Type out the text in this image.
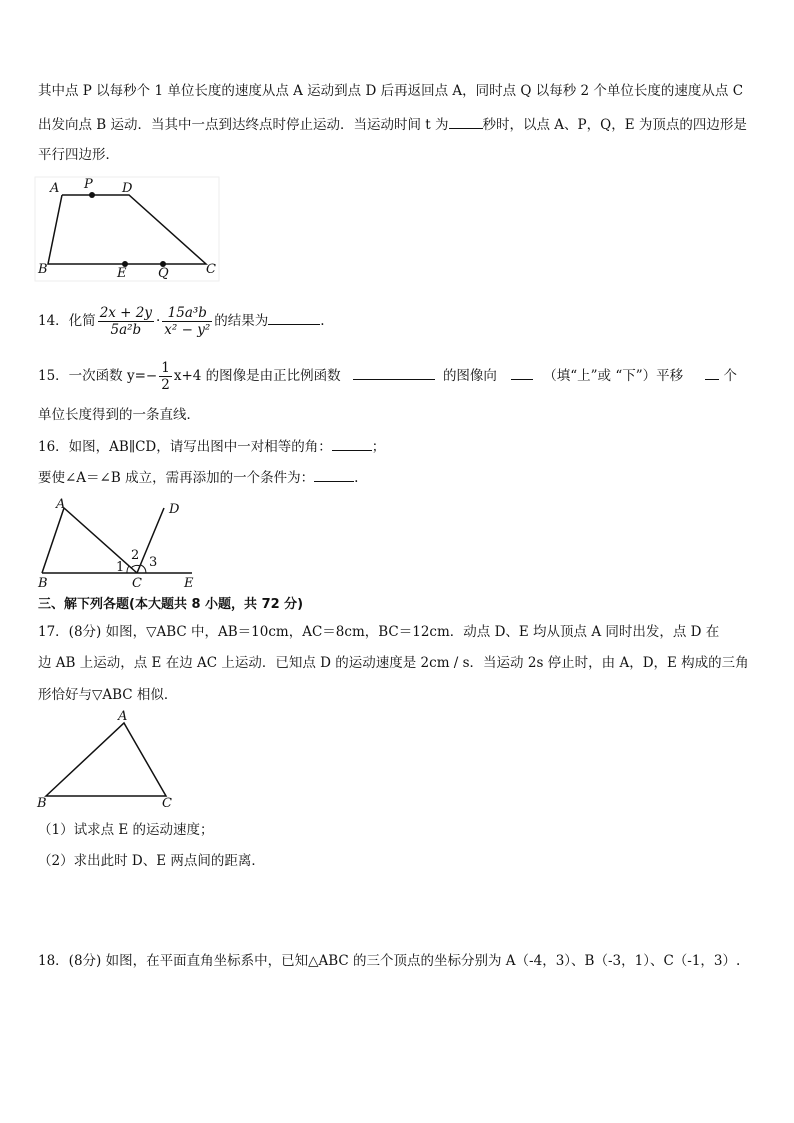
其中点 P 以每秒个 1 单位长度的速度从点 A 运动到点 D 后再返回点 A，同时点 Q 以每秒 2 个单位长度的速度从点 C
出发向点 B 运动．当其中一点到达终点时停止运动．当运动时间 t 为	秒时，以点 A、P，Q，E 为顶点的四边形是
平行四边形．
A P D
B	E Q	C
14．化简 $\frac{2x + 2y}{\text{5a²b}} \cdot \frac{\text{15a³b}}{\text{x² − y²}}$ 的结果为	.
15．一次函数 $y=- \frac{1}{2} x+4$ 的图像是由正比例函数	的图像向	（填“上”或 “下”）平移	个
单位长度得到的一条直线．
16．如图，AB∥CD，请写出图中一对相等的角：	；
要使∠A＝∠B 成立，需再添加的一个条件为：	.
A	D
B	C	E
1
2 3
三、解下列各题(本大题共 8 小题，共 72 分)
17．(8分) 如图，▽ABC 中，AB＝10cm，AC＝8cm，BC＝12cm．动点 D、E 均从顶点 A 同时出发，点 D 在
边 AB 上运动，点 E 在边 AC 上运动．已知点 D 的运动速度是 2cm / s．当运动 2s 停止时，由 A，D，E 构成的三角
形恰好与▽ABC 相似．
A
B	C
（1）试求点 E 的运动速度；
（2）求出此时 D、E 两点间的距离．
18．(8分) 如图，在平面直角坐标系中，已知△ABC 的三个顶点的坐标分别为 A（-4，3）、B（-3，1）、C（-1，3）.
